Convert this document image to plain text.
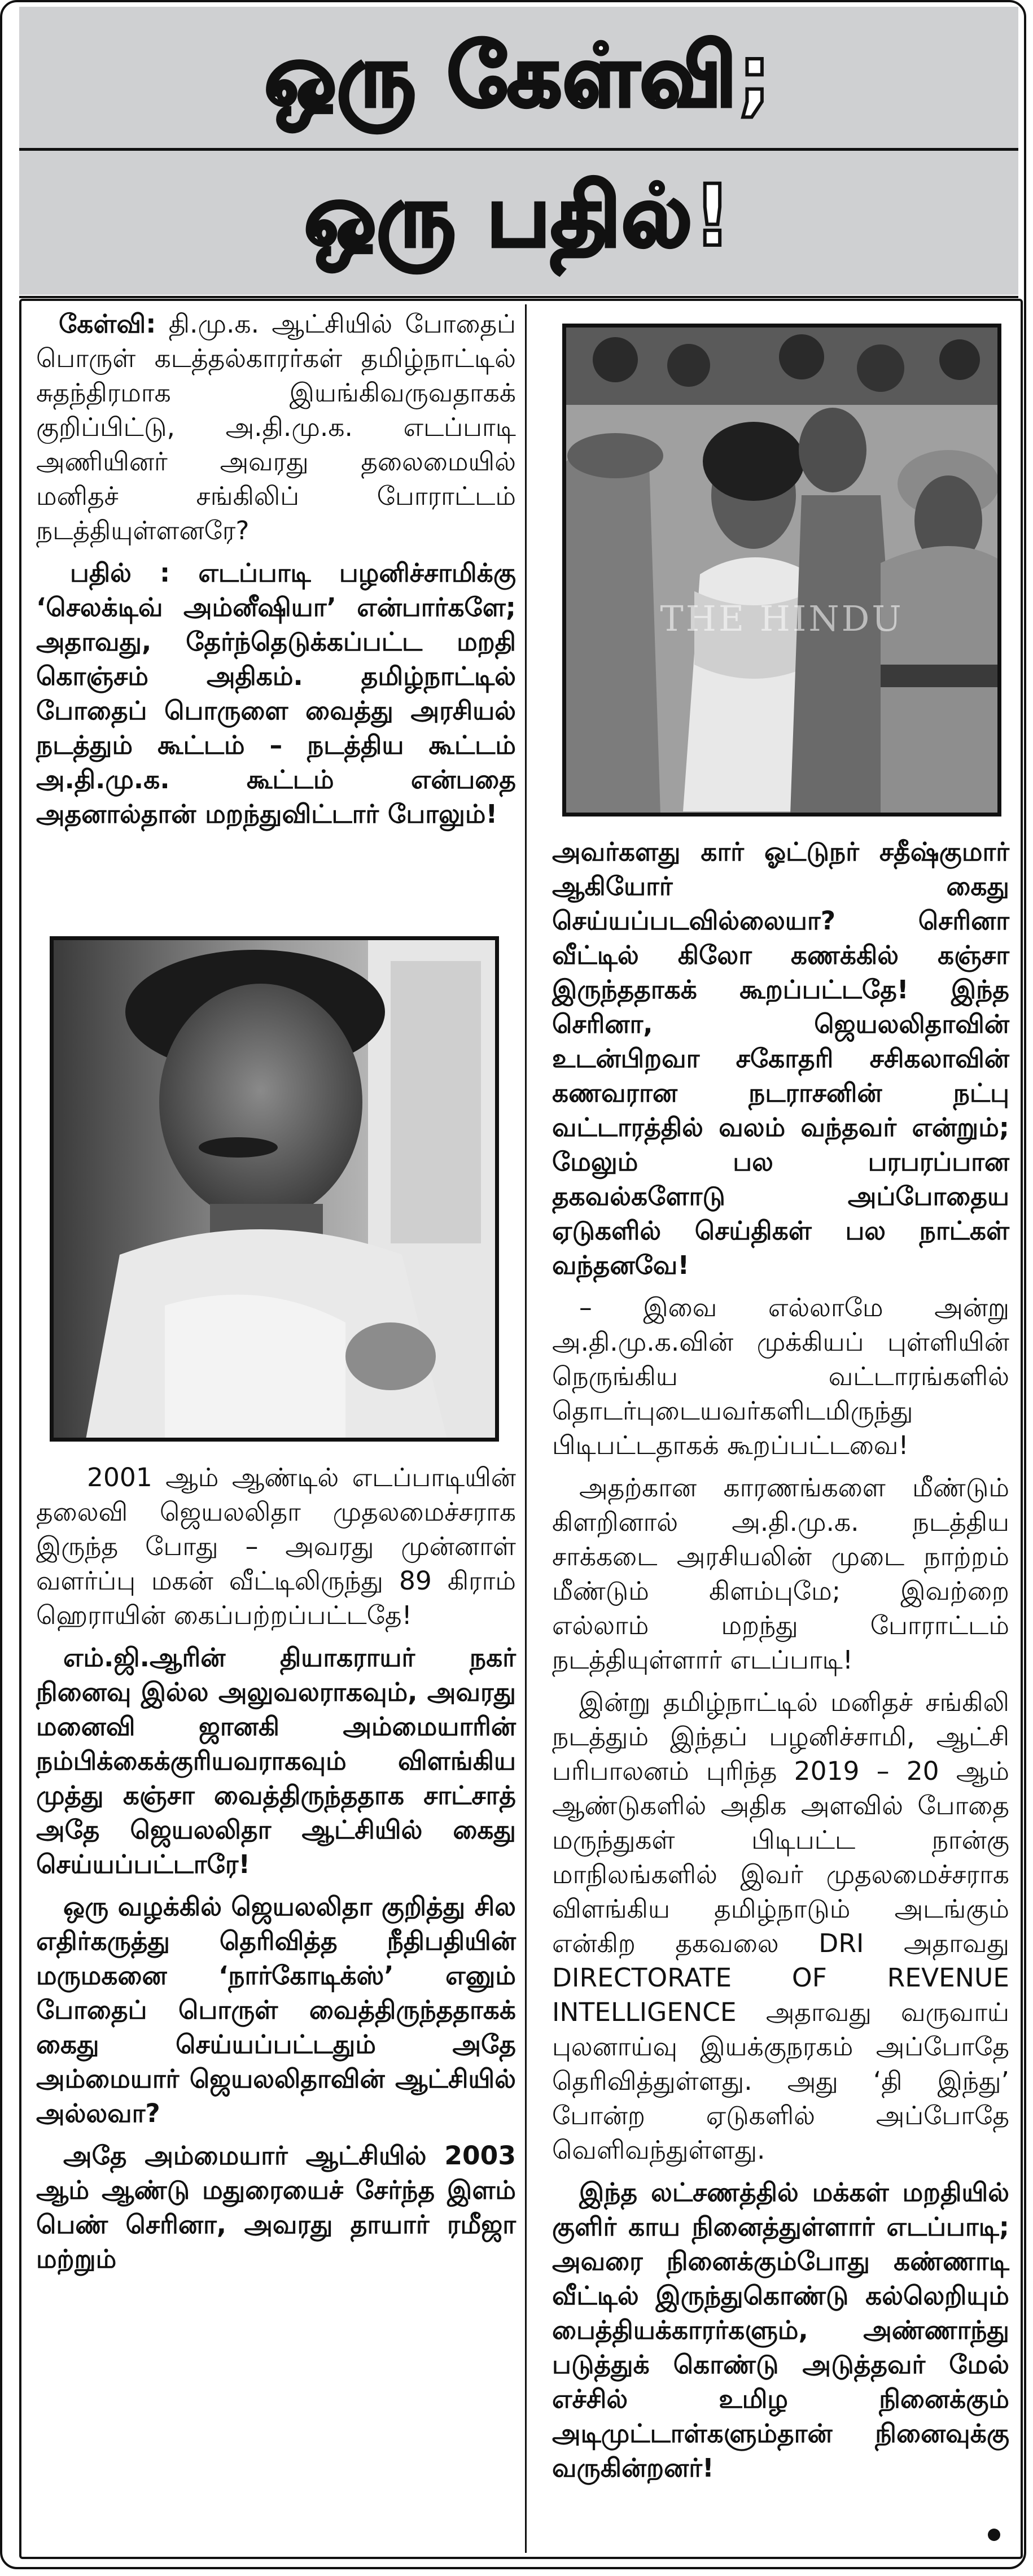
ஒரு கேள்வி;
ஒரு பதில்!

கேள்வி: தி.மு.க. ஆட்சியில் போதைப் பொருள் கடத்தல்காரர்கள் தமிழ்நாட்டில் சுதந்திரமாக இயங்கிவருவதாகக் குறிப்பிட்டு, அ.தி.மு.க. எடப்பாடி அணியினர் அவரது தலைமையில் மனிதச் சங்கிலிப் போராட்டம் நடத்தியுள்ளனரே?

பதில் : எடப்பாடி பழனிச்சாமிக்கு ‘செலக்டிவ் அம்னீஷியா’ என்பார்களே; அதாவது, தேர்ந்தெடுக்கப்பட்ட மறதி கொஞ்சம் அதிகம். தமிழ்நாட்டில் போதைப் பொருளை வைத்து அரசியல் நடத்தும் கூட்டம் – நடத்திய கூட்டம் அ.தி.மு.க. கூட்டம் என்பதை அதனால்தான் மறந்துவிட்டார் போலும்!

2001 ஆம் ஆண்டில் எடப்பாடியின் தலைவி ஜெயலலிதா முதலமைச்சராக இருந்த போது – அவரது முன்னாள் வளர்ப்பு மகன் வீட்டிலிருந்து 89 கிராம் ஹெராயின் கைப்பற்றப்பட்டதே!

எம்.ஜி.ஆரின் தியாகராயர் நகர் நினைவு இல்ல அலுவலராகவும், அவரது மனைவி ஜானகி அம்மையாரின் நம்பிக்கைக்குரியவராகவும் விளங்கிய முத்து கஞ்சா வைத்திருந்ததாக சாட்சாத் அதே ஜெயலலிதா ஆட்சியில் கைது செய்யப்பட்டாரே!

ஒரு வழக்கில் ஜெயலலிதா குறித்து சில எதிர்கருத்து தெரிவித்த நீதிபதியின் மருமகனை ‘நார்கோடிக்ஸ்’ எனும் போதைப் பொருள் வைத்திருந்ததாகக் கைது செய்யப்பட்டதும் அதே அம்மையார் ஜெயலலிதாவின் ஆட்சியில் அல்லவா?

அதே அம்மையார் ஆட்சியில் 2003 ஆம் ஆண்டு மதுரையைச் சேர்ந்த இளம் பெண் செரினா, அவரது தாயார் ரமீஜா மற்றும்

THE HINDU

அவர்களது கார் ஓட்டுநர் சதீஷ்குமார் ஆகியோர் கைது செய்யப்படவில்லையா? செரினா வீட்டில் கிலோ கணக்கில் கஞ்சா இருந்ததாகக் கூறப்பட்டதே! இந்த செரினா, ஜெயலலிதாவின் உடன்பிறவா சகோதரி சசிகலாவின் கணவரான நடராசனின் நட்பு வட்டாரத்தில் வலம் வந்தவர் என்றும்; மேலும் பல பரபரப்பான தகவல்களோடு அப்போதைய ஏடுகளில் செய்திகள் பல நாட்கள் வந்தனவே!

– இவை எல்லாமே அன்று அ.தி.மு.க.வின் முக்கியப் புள்ளியின் நெருங்கிய வட்டாரங்களில் தொடர்புடையவர்களிடமிருந்து பிடிபட்டதாகக் கூறப்பட்டவை!

அதற்கான காரணங்களை மீண்டும் கிளறினால் அ.தி.மு.க. நடத்திய சாக்கடை அரசியலின் முடை நாற்றம் மீண்டும் கிளம்புமே; இவற்றை எல்லாம் மறந்து போராட்டம் நடத்தியுள்ளார் எடப்பாடி!

இன்று தமிழ்நாட்டில் மனிதச் சங்கிலி நடத்தும் இந்தப் பழனிச்சாமி, ஆட்சி பரிபாலனம் புரிந்த 2019 – 20 ஆம் ஆண்டுகளில் அதிக அளவில் போதை மருந்துகள் பிடிபட்ட நான்கு மாநிலங்களில் இவர் முதலமைச்சராக விளங்கிய தமிழ்நாடும் அடங்கும் என்கிற தகவலை DRI அதாவது DIRECTORATE OF REVENUE INTELLIGENCE அதாவது வருவாய் புலனாய்வு இயக்குநரகம் அப்போதே தெரிவித்துள்ளது. அது ‘தி இந்து’ போன்ற ஏடுகளில் அப்போதே வெளிவந்துள்ளது.

இந்த லட்சணத்தில் மக்கள் மறதியில் குளிர் காய நினைத்துள்ளார் எடப்பாடி; அவரை நினைக்கும்போது கண்ணாடி வீட்டில் இருந்துகொண்டு கல்லெறியும் பைத்தியக்காரர்களும், அண்ணாந்து படுத்துக் கொண்டு அடுத்தவர் மேல் எச்சில் உமிழ நினைக்கும் அடிமுட்டாள்களும்தான் நினைவுக்கு வருகின்றனர்!
